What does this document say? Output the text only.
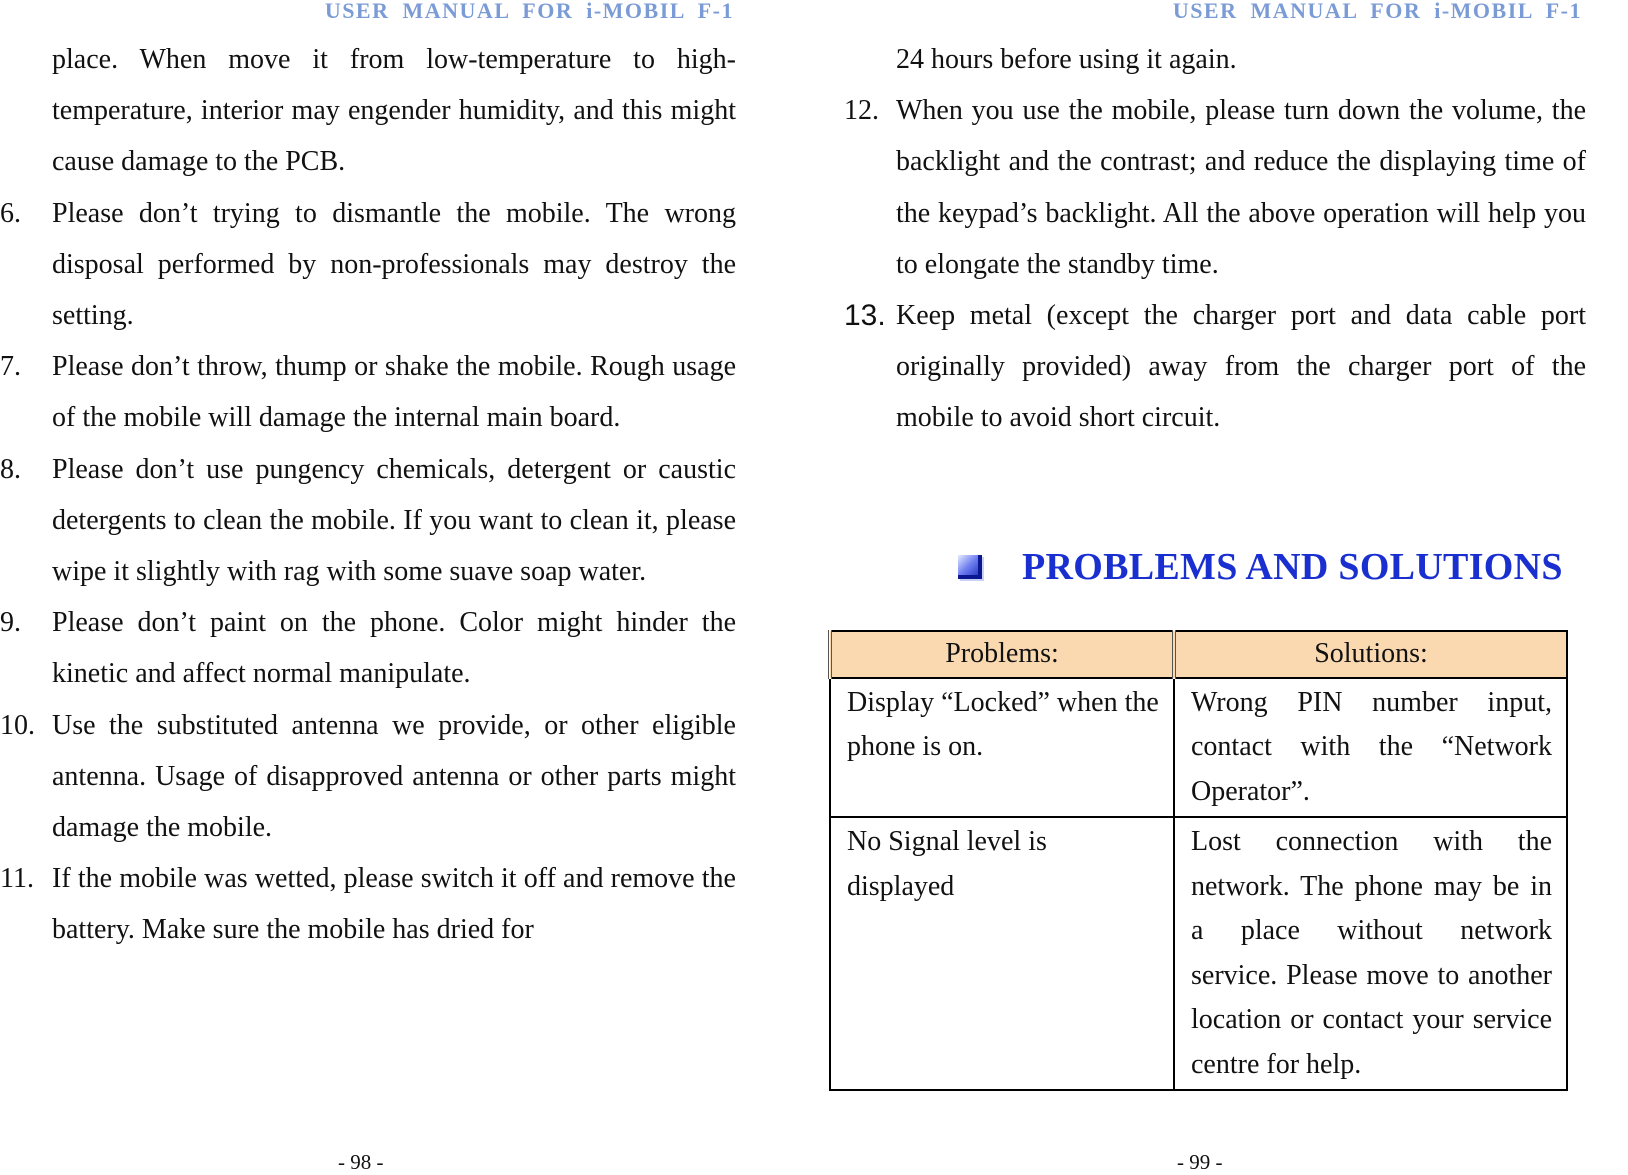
USER MANUAL FOR i-MOBIL F-1
place. When move it from low-temperature to high-temperature, interior may engender humidity, and this might cause damage to the PCB.
6. Please don’t trying to dismantle the mobile. The wrong disposal performed by non-professionals may destroy the setting.
7. Please don’t throw, thump or shake the mobile. Rough usage of the mobile will damage the internal main board.
8. Please don’t use pungency chemicals, detergent or caustic detergents to clean the mobile. If you want to clean it, please wipe it slightly with rag with some suave soap water.
9. Please don’t paint on the phone. Color might hinder the kinetic and affect normal manipulate.
10. Use the substituted antenna we provide, or other eligible antenna. Usage of disapproved antenna or other parts might damage the mobile.
11. If the mobile was wetted, please switch it off and remove the battery. Make sure the mobile has dried for
- 98 -
USER MANUAL FOR i-MOBIL F-1
24 hours before using it again.
12. When you use the mobile, please turn down the volume, the backlight and the contrast; and reduce the displaying time of the keypad’s backlight. All the above operation will help you to elongate the standby time.
13. Keep metal (except the charger port and data cable port originally provided) away from the charger port of the mobile to avoid short circuit.
PROBLEMS AND SOLUTIONS
Problems:	Solutions:
Display “Locked” when the phone is on.	Wrong PIN number input, contact with the “Network Operator”.
No Signal level is displayed	Lost connection with the network. The phone may be in a place without network service. Please move to another location or contact your service centre for help.
- 99 -
